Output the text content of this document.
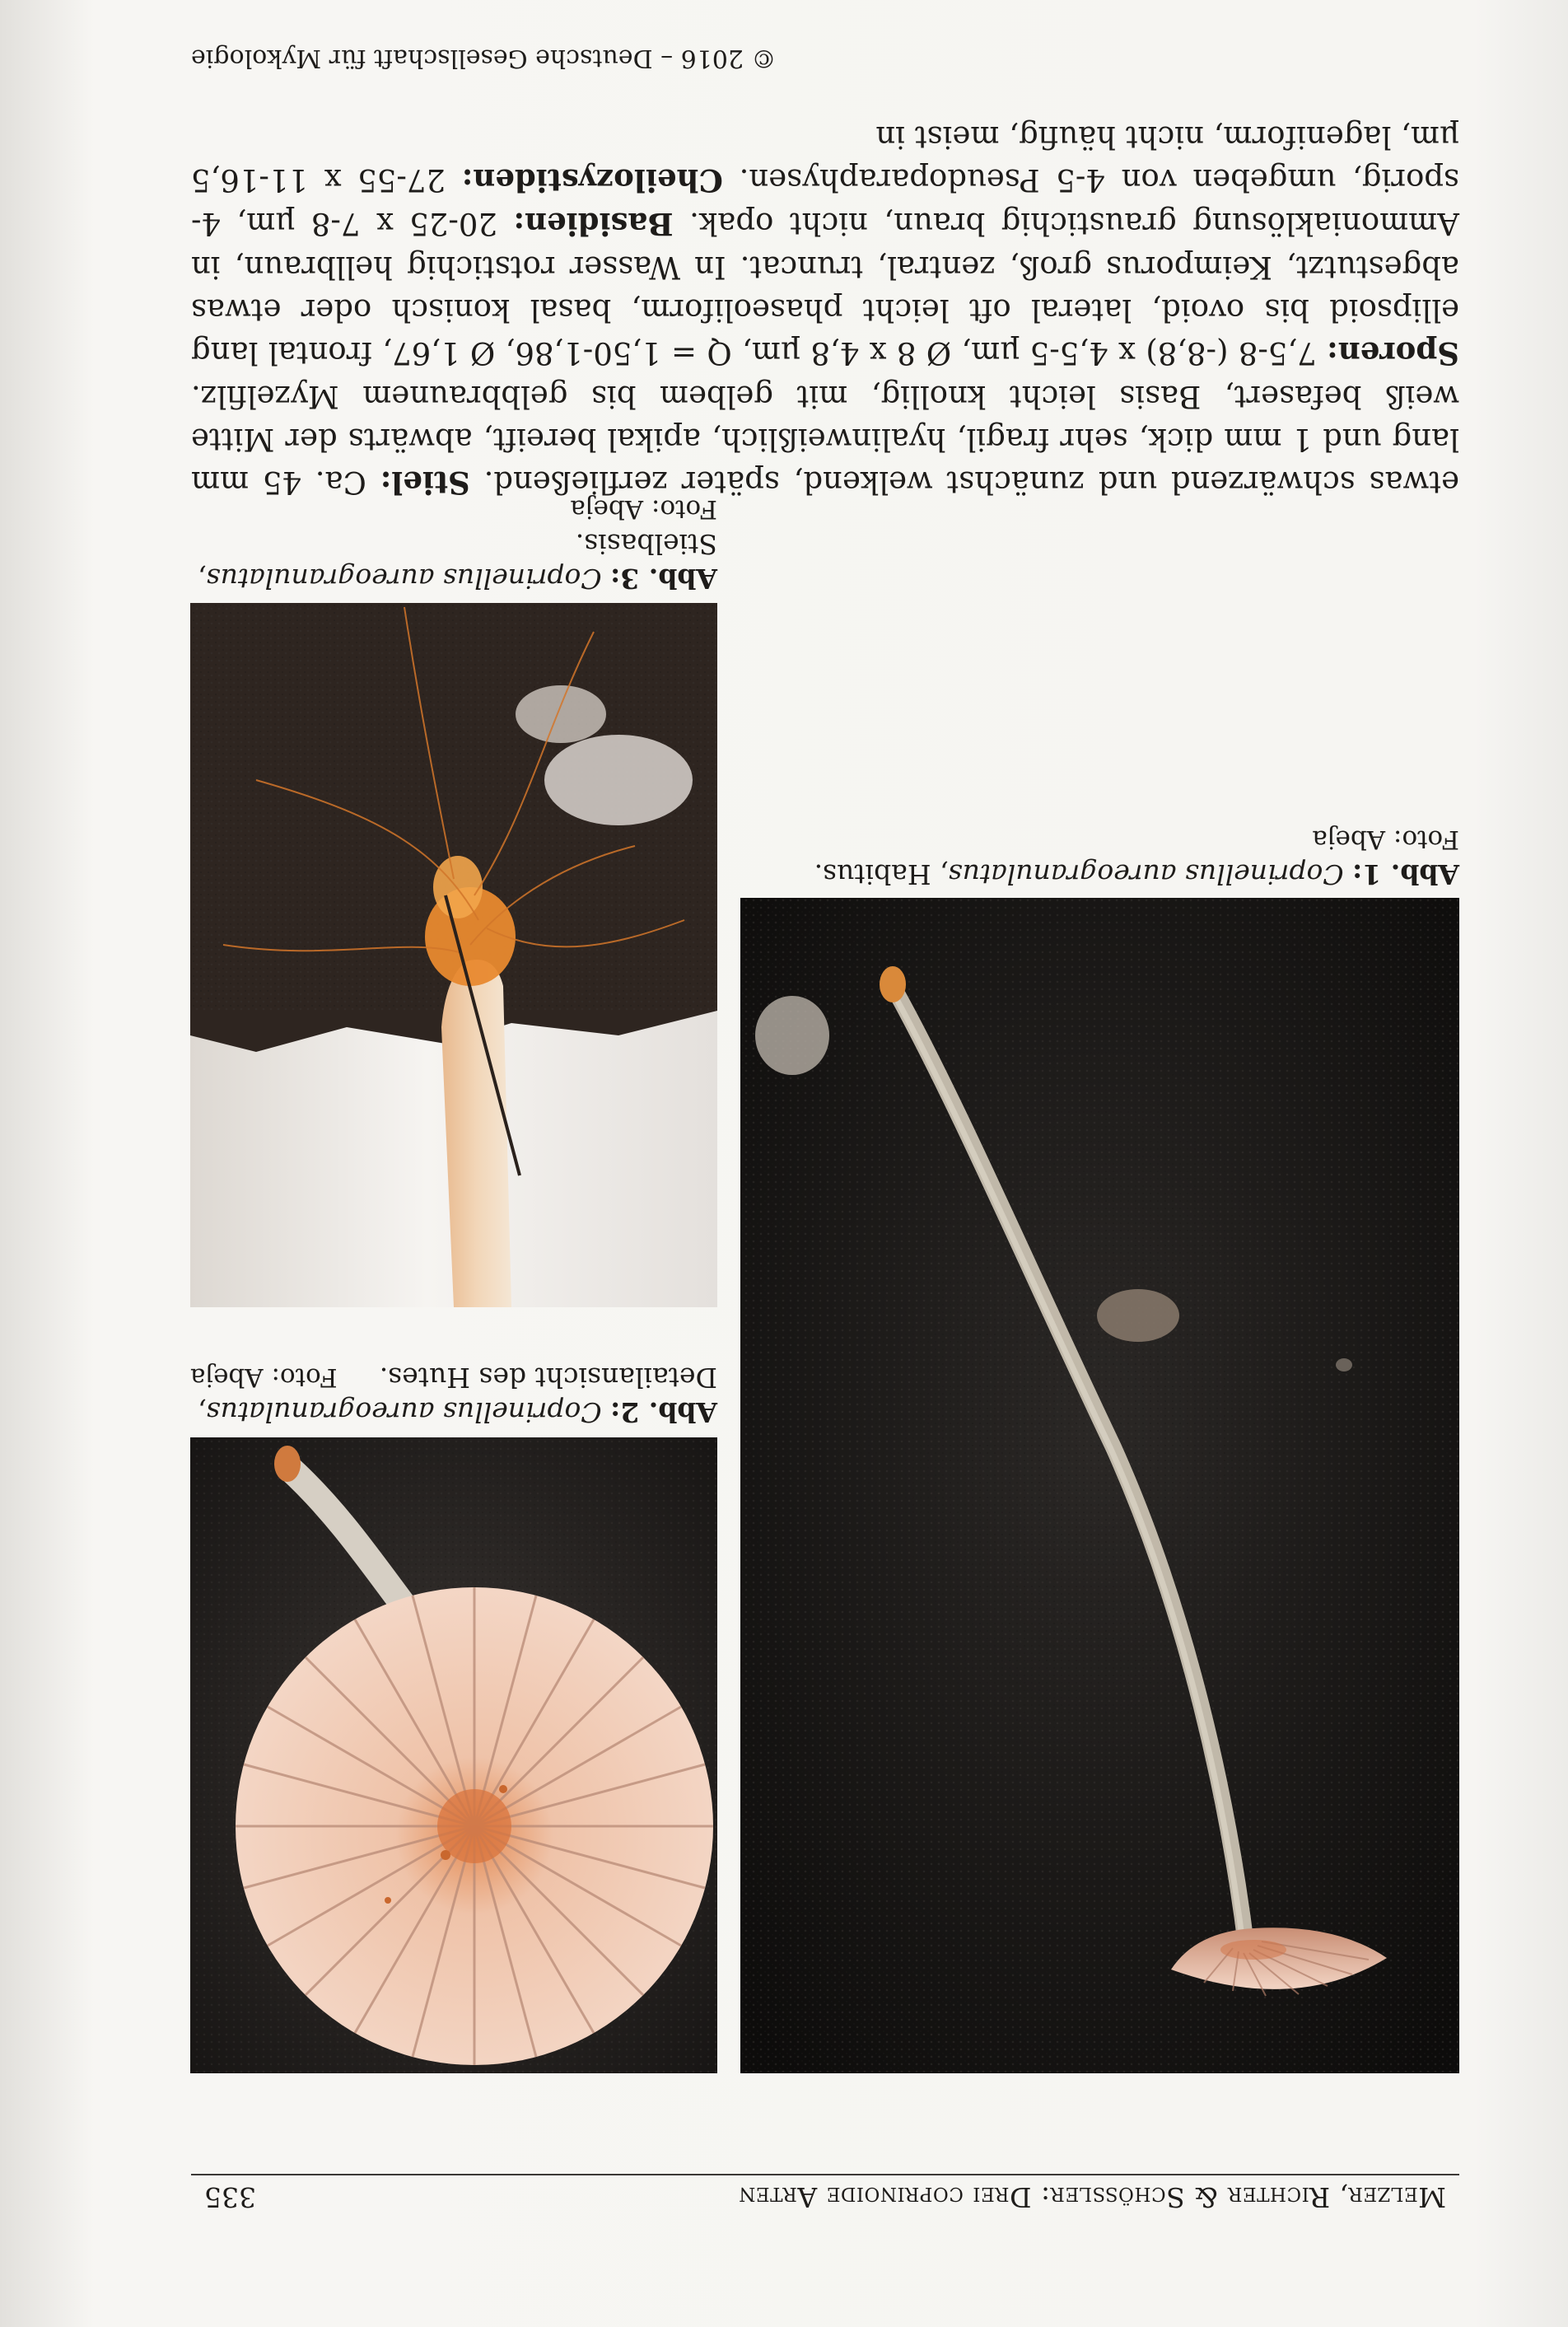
Melzer, Richter & Schößler: Drei coprinoide Arten
335
Abb. 1: Coprinellus aureogranulatus, Habitus.
Foto: Abeja
Abb. 2: Coprinellus aureogranulatus,
Detailansicht des Hutes.
Foto: Abeja
Abb. 3: Coprinellus aureogranulatus, Stielbasis.
Foto: Abeja
etwas schwärzend und zunächst welkend, später zerfließend. Stiel: Ca. 45 mm lang und 1 mm dick, sehr fragil, hyalinweißlich, apikal bereift, abwärts der Mitte weiß befasert, Basis leicht knollig, mit gelbem bis gelbbraunem Myzelfilz. Sporen: 7,5-8 (-8,8) x 4,5-5 µm, Ø 8 x 4,8 µm, Q = 1,50-1,86, Ø 1,67, frontal lang ellipsoid bis ovoid, lateral oft leicht phaseoliform, basal konisch oder etwas abgestutzt, Keimporus groß, zentral, truncat. In Wasser rotstichig hellbraun, in Ammoniaklösung graustichig braun, nicht opak. Basidien: 20-25 x 7-8 µm, 4-sporig, umgeben von 4-5 Pseudoparaphysen. Cheilozystiden: 27-55 x 11-16,5 µm, lageniform, nicht häufig, meist in
© 2016 – Deutsche Gesellschaft für Mykologie
